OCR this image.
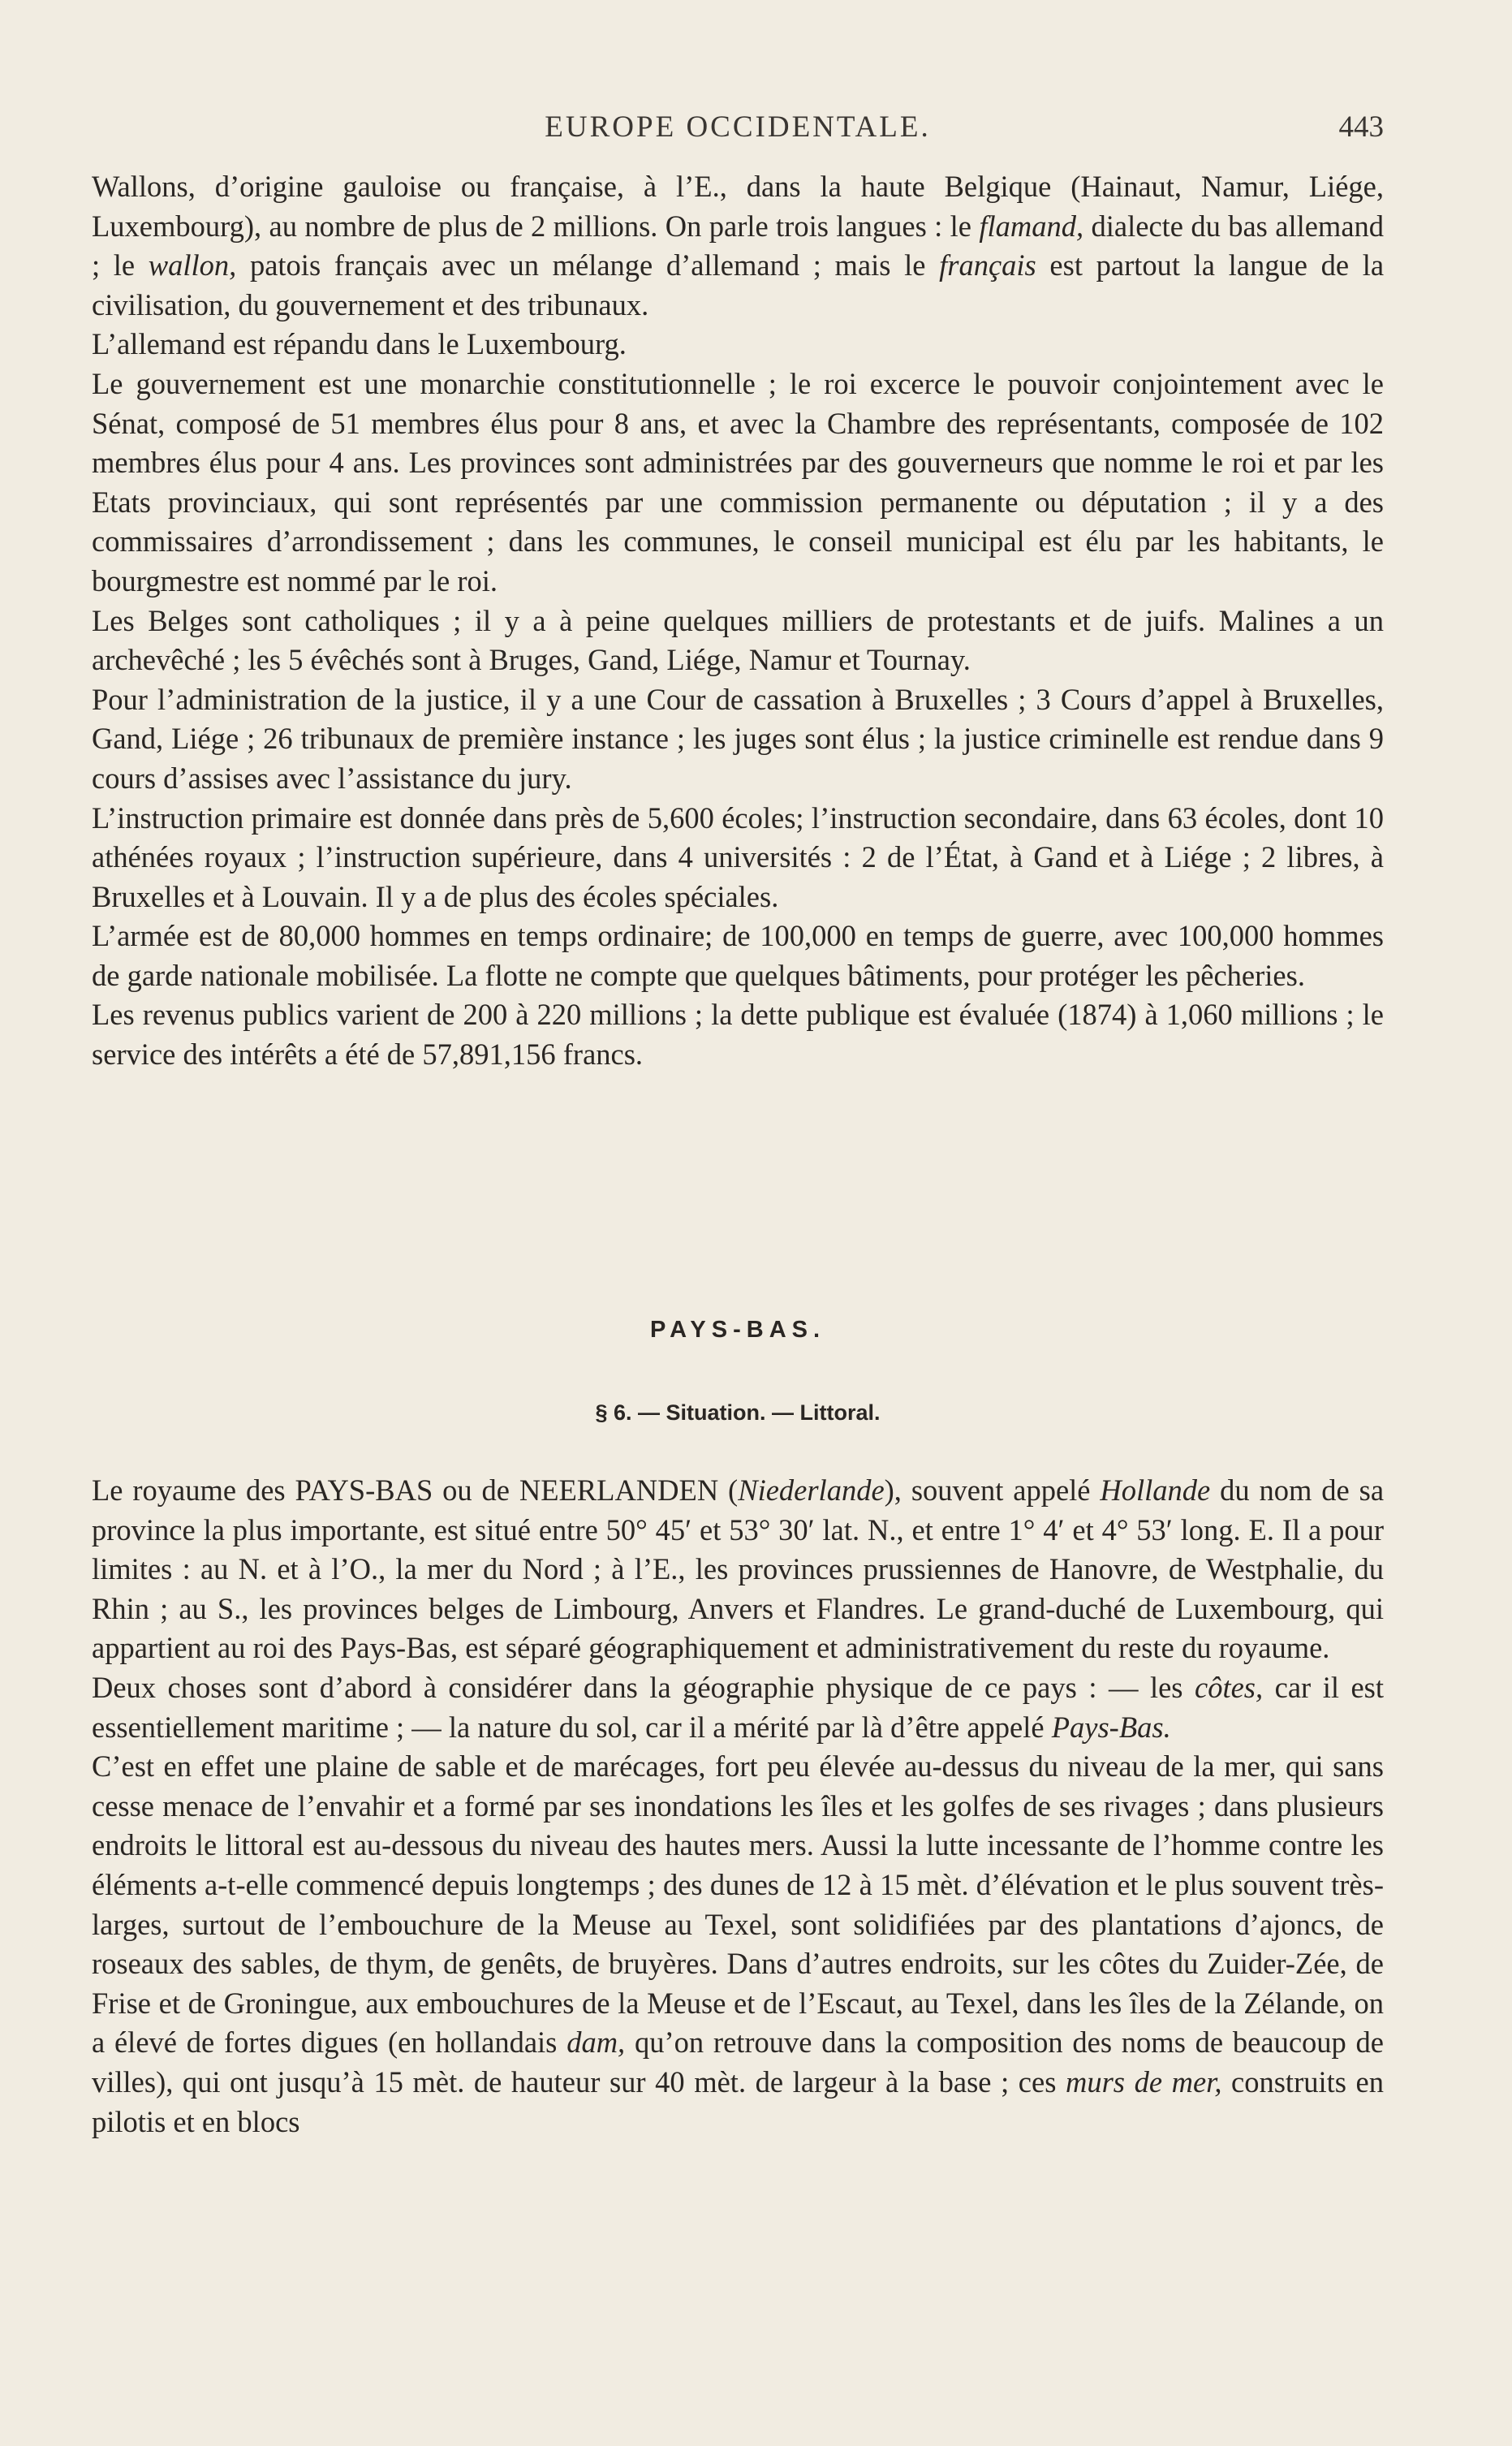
EUROPE OCCIDENTALE.	443

Wallons, d’origine gauloise ou française, à l’E., dans la haute Belgique (Hainaut, Namur, Liége, Luxembourg), au nombre de plus de 2 millions. On parle trois langues : le flamand, dialecte du bas allemand ; le wallon, patois français avec un mélange d’allemand ; mais le français est partout la langue de la civilisation, du gouvernement et des tribunaux.

L’allemand est répandu dans le Luxembourg.

Le gouvernement est une monarchie constitutionnelle ; le roi excerce le pouvoir conjointement avec le Sénat, composé de 51 membres élus pour 8 ans, et avec la Chambre des représentants, composée de 102 membres élus pour 4 ans. Les provinces sont administrées par des gouverneurs que nomme le roi et par les Etats provinciaux, qui sont représentés par une commission permanente ou députation ; il y a des commissaires d’arrondissement ; dans les communes, le conseil municipal est élu par les habitants, le bourgmestre est nommé par le roi.

Les Belges sont catholiques ; il y a à peine quelques milliers de protestants et de juifs. Malines a un archevêché ; les 5 évêchés sont à Bruges, Gand, Liége, Namur et Tournay.

Pour l’administration de la justice, il y a une Cour de cassation à Bruxelles ; 3 Cours d’appel à Bruxelles, Gand, Liége ; 26 tribunaux de première instance ; les juges sont élus ; la justice criminelle est rendue dans 9 cours d’assises avec l’assistance du jury.

L’instruction primaire est donnée dans près de 5,600 écoles; l’instruction secondaire, dans 63 écoles, dont 10 athénées royaux ; l’instruction supérieure, dans 4 universités : 2 de l’État, à Gand et à Liége ; 2 libres, à Bruxelles et à Louvain. Il y a de plus des écoles spéciales.

L’armée est de 80,000 hommes en temps ordinaire; de 100,000 en temps de guerre, avec 100,000 hommes de garde nationale mobilisée. La flotte ne compte que quelques bâtiments, pour protéger les pêcheries.

Les revenus publics varient de 200 à 220 millions ; la dette publique est évaluée (1874) à 1,060 millions ; le service des intérêts a été de 57,891,156 francs.

PAYS-BAS.
§ 6. — Situation. — Littoral.

Le royaume des PAYS-BAS ou de NEERLANDEN (Niederlande), souvent appelé Hollande du nom de sa province la plus importante, est situé entre 50° 45′ et 53° 30′ lat. N., et entre 1° 4′ et 4° 53′ long. E. Il a pour limites : au N. et à l’O., la mer du Nord ; à l’E., les provinces prussiennes de Hanovre, de Westphalie, du Rhin ; au S., les provinces belges de Limbourg, Anvers et Flandres. Le grand-duché de Luxembourg, qui appartient au roi des Pays-Bas, est séparé géographiquement et administrativement du reste du royaume.

Deux choses sont d’abord à considérer dans la géographie physique de ce pays : — les côtes, car il est essentiellement maritime ; — la nature du sol, car il a mérité par là d’être appelé Pays-Bas.

C’est en effet une plaine de sable et de marécages, fort peu élevée au-dessus du niveau de la mer, qui sans cesse menace de l’envahir et a formé par ses inondations les îles et les golfes de ses rivages ; dans plusieurs endroits le littoral est au-dessous du niveau des hautes mers. Aussi la lutte incessante de l’homme contre les éléments a-t-elle commencé depuis longtemps ; des dunes de 12 à 15 mèt. d’élévation et le plus souvent très-larges, surtout de l’embouchure de la Meuse au Texel, sont solidifiées par des plantations d’ajoncs, de roseaux des sables, de thym, de genêts, de bruyères. Dans d’autres endroits, sur les côtes du Zuider-Zée, de Frise et de Groningue, aux embouchures de la Meuse et de l’Escaut, au Texel, dans les îles de la Zélande, on a élevé de fortes digues (en hollandais dam, qu’on retrouve dans la composition des noms de beaucoup de villes), qui ont jusqu’à 15 mèt. de hauteur sur 40 mèt. de largeur à la base ; ces murs de mer, construits en pilotis et en blocs
